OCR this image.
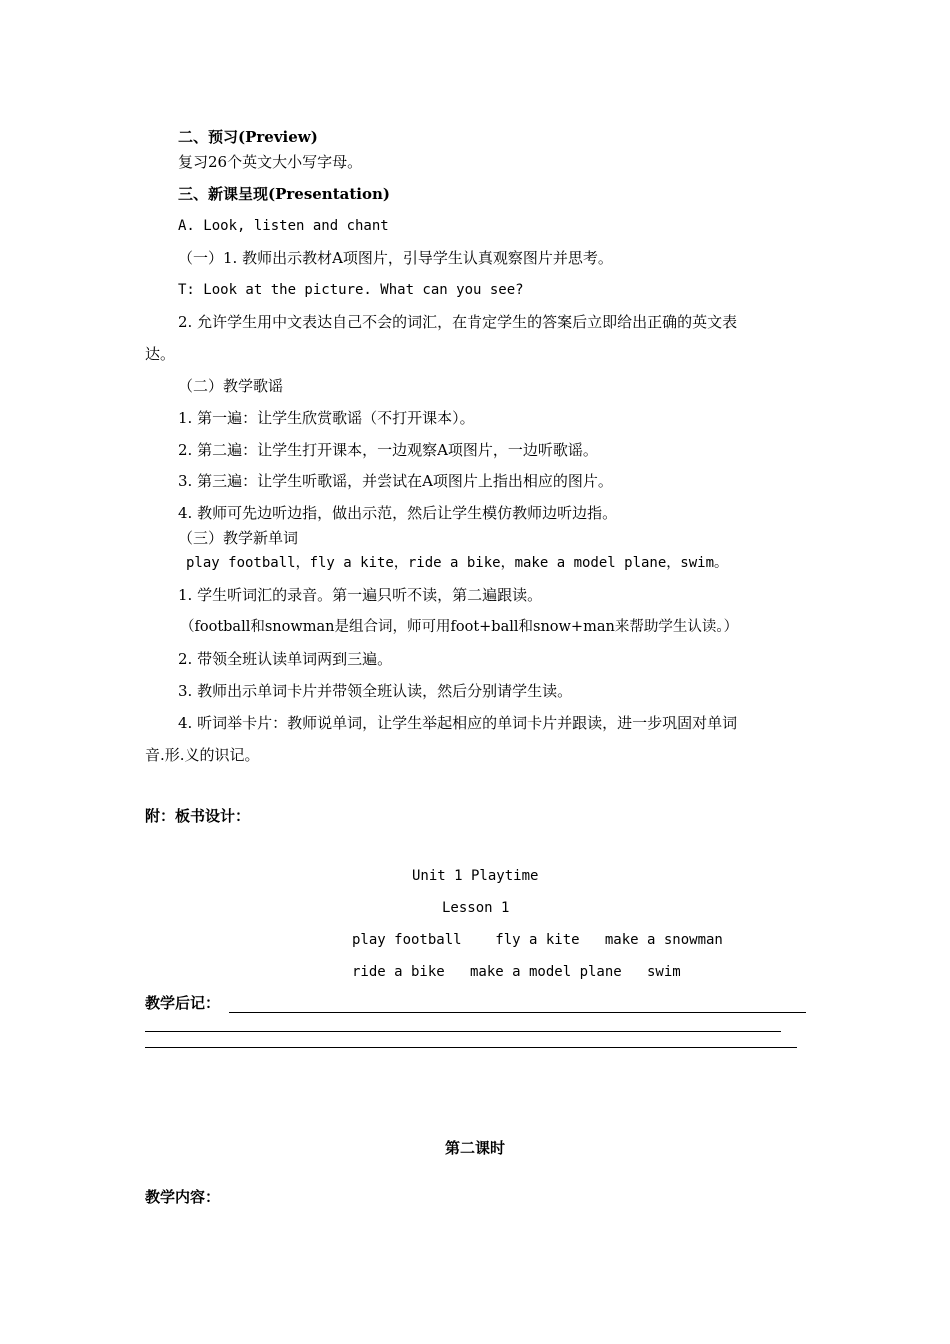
二、预习(Preview)
复习26个英文大小写字母。
三、新课呈现(Presentation)
A. Look, listen and chant
（一）1. 教师出示教材A项图片，引导学生认真观察图片并思考。
T: Look at the picture. What can you see?
2. 允许学生用中文表达自己不会的词汇，在肯定学生的答案后立即给出正确的英文表
达。
（二）教学歌谣
1. 第一遍：让学生欣赏歌谣（不打开课本）。
2. 第二遍：让学生打开课本，一边观察A项图片，一边听歌谣。
3. 第三遍：让学生听歌谣，并尝试在A项图片上指出相应的图片。
4. 教师可先边听边指，做出示范，然后让学生模仿教师边听边指。
（三）教学新单词
play football，fly a kite，ride a bike，make a model plane，swim。
1. 学生听词汇的录音。第一遍只听不读，第二遍跟读。
（football和snowman是组合词，师可用foot+ball和snow+man来帮助学生认读。）
2. 带领全班认读单词两到三遍。
3. 教师出示单词卡片并带领全班认读，然后分别请学生读。
4. 听词举卡片：教师说单词，让学生举起相应的单词卡片并跟读，进一步巩固对单词
音.形.义的识记。
附：板书设计：
Unit 1 Playtime
Lesson 1
play football    fly a kite   make a snowman
ride a bike   make a model plane   swim
教学后记：
第二课时
教学内容：
